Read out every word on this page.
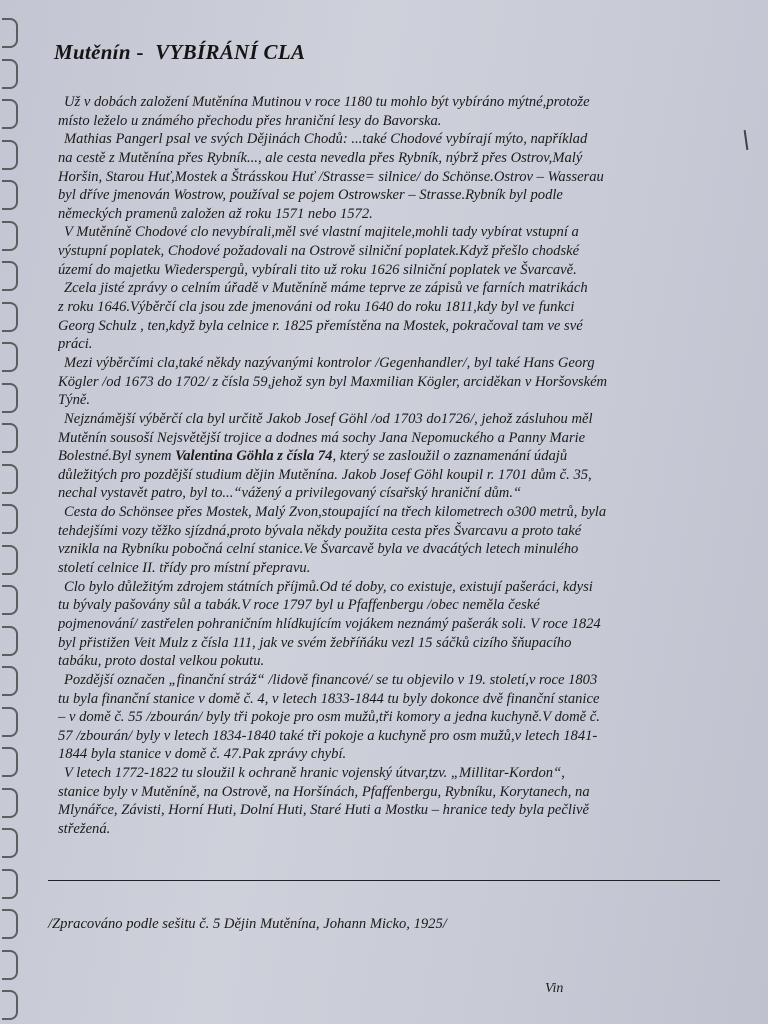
Mutěnín - VYBÍRÁNÍ CLA
Už v dobách založení Mutěnína Mutinou v roce 1180 tu mohlo být vybíráno mýtné,protože
místo leželo u známého přechodu přes hraniční lesy do Bavorska.
Mathias Pangerl psal ve svých Dějinách Chodů: ...také Chodové vybírají mýto, například
na cestě z Mutěnína přes Rybník..., ale cesta nevedla přes Rybník, nýbrž přes Ostrov,Malý
Horšin, Starou Huť,Mostek a Štrásskou Huť /Strasse= silnice/ do Schönse.Ostrov – Wasserau
byl dříve jmenován Wostrow, používal se pojem Ostrowsker – Strasse.Rybník byl podle
německých pramenů založen až roku 1571 nebo 1572.
V Mutěníně Chodové clo nevybírali,měl své vlastní majitele,mohli tady vybírat vstupní a
výstupní poplatek, Chodové požadovali na Ostrově silniční poplatek.Když přešlo chodské
území do majetku Wiederspergů, vybírali tito už roku 1626 silniční poplatek ve Švarcavě.
Zcela jisté zprávy o celním úřadě v Mutěníně máme teprve ze zápisů ve farních matrikách
z roku 1646.Výběrčí cla jsou zde jmenováni od roku 1640 do roku 1811,kdy byl ve funkci
Georg Schulz , ten,když byla celnice r. 1825 přemístěna na Mostek, pokračoval tam ve své
práci.
Mezi výběrčími cla,také někdy nazývanými kontrolor /Gegenhandler/, byl také Hans Georg
Kögler /od 1673 do 1702/ z čísla 59,jehož syn byl Maxmilian Kögler, arciděkan v Horšovském
Týně.
Nejznámější výběrčí cla byl určitě Jakob Josef Göhl /od 1703 do1726/, jehož zásluhou měl
Mutěnín sousoší Nejsvětější trojice a dodnes má sochy Jana Nepomuckého a Panny Marie
Bolestné.Byl synem Valentina Göhla z čísla 74, který se zasloužil o zaznamenání údajů
důležitých pro pozdější studium dějin Mutěnína. Jakob Josef Göhl koupil r. 1701 dům č. 35,
nechal vystavět patro, byl to...“vážený a privilegovaný císařský hraniční dům.“
Cesta do Schönsee přes Mostek, Malý Zvon,stoupající na třech kilometrech o300 metrů, byla
tehdejšími vozy těžko sjízdná,proto bývala někdy použita cesta přes Švarcavu a proto také
vznikla na Rybníku pobočná celní stanice.Ve Švarcavě byla ve dvacátých letech minulého
století celnice II. třídy pro místní přepravu.
Clo bylo důležitým zdrojem státních příjmů.Od té doby, co existuje, existují pašeráci, kdysi
tu bývaly pašovány sůl a tabák.V roce 1797 byl u Pfaffenbergu /obec neměla české
pojmenování/ zastřelen pohraničním hlídkujícím vojákem neznámý pašerák soli. V roce 1824
byl přistižen Veit Mulz z čísla 111, jak ve svém žebříňáku vezl 15 sáčků cizího šňupacího
tabáku, proto dostal velkou pokutu.
Pozdější označen „finanční stráž“ /lidově financové/ se tu objevilo v 19. století,v roce 1803
tu byla finanční stanice v domě č. 4, v letech 1833-1844 tu byly dokonce dvě finanční stanice
– v domě č. 55 /zbourán/ byly tři pokoje pro osm mužů,tři komory a jedna kuchyně.V domě č.
57 /zbourán/ byly v letech 1834-1840 také tři pokoje a kuchyně pro osm mužů,v letech 1841-
1844 byla stanice v domě č. 47.Pak zprávy chybí.
V letech 1772-1822 tu sloužil k ochraně hranic vojenský útvar,tzv. „Millitar-Kordon“,
stanice byly v Mutěníně, na Ostrově, na Horšínách, Pfaffenbergu, Rybníku, Korytanech, na
Mlynářce, Závisti, Horní Huti, Dolní Huti, Staré Huti a Mostku – hranice tedy byla pečlivě
střežená.

/Zpracováno podle sešitu č. 5 Dějin Mutěnína, Johann Micko, 1925/

Vin
